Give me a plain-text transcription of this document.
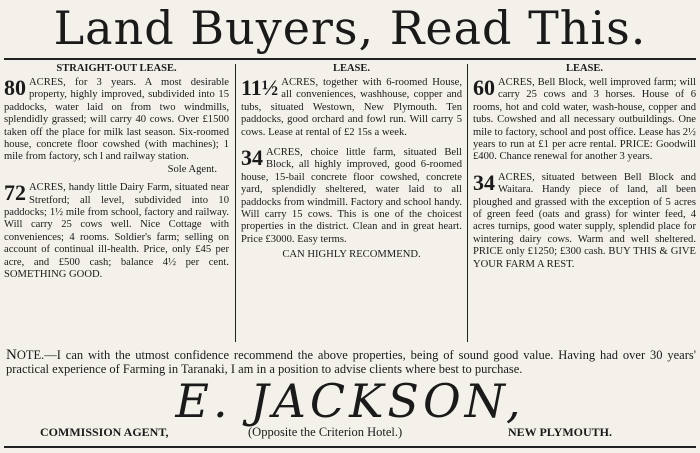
Land Buyers, Read This.
STRAIGHT-OUT LEASE.

80 ACRES, for 3 years. A most desirable property, highly improved, subdivided into 15 paddocks, water laid on from two windmills, splendidly grassed; will carry 40 cows. Over £1500 taken off the place for milk last season. Six-roomed house, concrete floor cowshed (with machines); 1 mile from factory, sch l and railway station.

Sole Agent.

72 ACRES, handy little Dairy Farm, situated near Stretford; all level, subdivided into 10 paddocks; 1½ mile from school, factory and railway. Will carry 25 cows well. Nice Cottage with conveniences; 4 rooms. Soldier's farm; selling on account of continual ill-health. Price, only £45 per acre, and £500 cash; balance 4½ per cent. SOMETHING GOOD.

LEASE.

11½ ACRES, together with 6-roomed House, all conveniences, washhouse, copper and tubs, situated Westown, New Plymouth. Ten paddocks, good orchard and fowl run. Will carry 5 cows. Lease at rental of £2 15s a week.

34 ACRES, choice little farm, situated Bell Block, all highly improved, good 6-roomed house, 15-bail concrete floor cowshed, concrete yard, splendidly sheltered, water laid to all paddocks from windmill. Factory and school handy. Will carry 15 cows. This is one of the choicest properties in the district. Clean and in great heart. Price £3000. Easy terms.

CAN HIGHLY RECOMMEND.

LEASE.

60 ACRES, Bell Block, well improved farm; will carry 25 cows and 3 horses. House of 6 rooms, hot and cold water, wash-house, copper and tubs. Cowshed and all necessary outbuildings. One mile to factory, school and post office. Lease has 2½ years to run at £1 per acre rental. PRICE: Goodwill £400. Chance renewal for another 3 years.

34 ACRES, situated between Bell Block and Waitara. Handy piece of land, all been ploughed and grassed with the exception of 5 acres of green feed (oats and grass) for winter feed, 4 acres turnips, good water supply, splendid place for wintering dairy cows. Warm and well sheltered. PRICE only £1250; £300 cash. BUY THIS & GIVE YOUR FARM A REST.

NOTE.—I can with the utmost confidence recommend the above properties, being of sound good value. Having had over 30 years' practical experience of Farming in Taranaki, I am in a position to advise clients where best to purchase.
E. JACKSON,
COMMISSION AGENT,	(Opposite the Criterion Hotel.)	NEW PLYMOUTH.
